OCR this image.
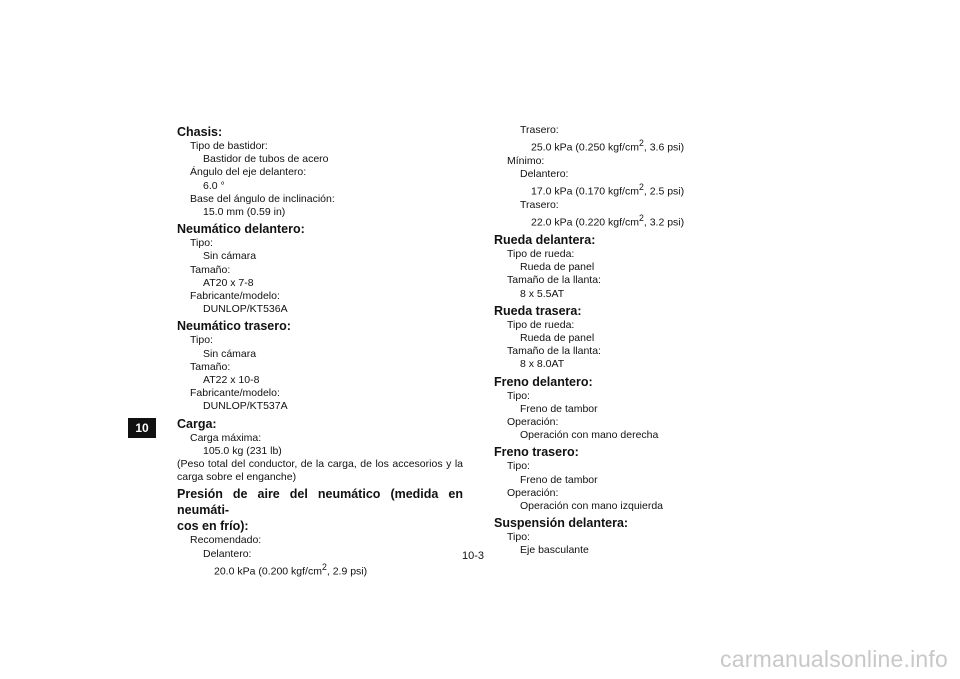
10
Chasis:
Tipo de bastidor:
Bastidor de tubos de acero
Ángulo del eje delantero:
6.0 °
Base del ángulo de inclinación:
15.0 mm (0.59 in)
Neumático delantero:
Tipo:
Sin cámara
Tamaño:
AT20 x 7-8
Fabricante/modelo:
DUNLOP/KT536A
Neumático trasero:
Tipo:
Sin cámara
Tamaño:
AT22 x 10-8
Fabricante/modelo:
DUNLOP/KT537A
Carga:
Carga máxima:
105.0 kg (231 lb)
(Peso total del conductor, de la carga, de los accesorios y la
carga sobre el enganche)
Presión de aire del neumático (medida en neumáti-
cos en frío):
Recomendado:
Delantero:
20.0 kPa (0.200 kgf/$cm^2$, 2.9 psi)
Trasero:
25.0 kPa (0.250 kgf/$cm^2$, 3.6 psi)
Mínimo:
Delantero:
17.0 kPa (0.170 kgf/$cm^2$, 2.5 psi)
Trasero:
22.0 kPa (0.220 kgf/$cm^2$, 3.2 psi)
Rueda delantera:
Tipo de rueda:
Rueda de panel
Tamaño de la llanta:
8 x 5.5AT
Rueda trasera:
Tipo de rueda:
Rueda de panel
Tamaño de la llanta:
8 x 8.0AT
Freno delantero:
Tipo:
Freno de tambor
Operación:
Operación con mano derecha
Freno trasero:
Tipo:
Freno de tambor
Operación:
Operación con mano izquierda
Suspensión delantera:
Tipo:
Eje basculante
10-3
carmanualsonline.info
